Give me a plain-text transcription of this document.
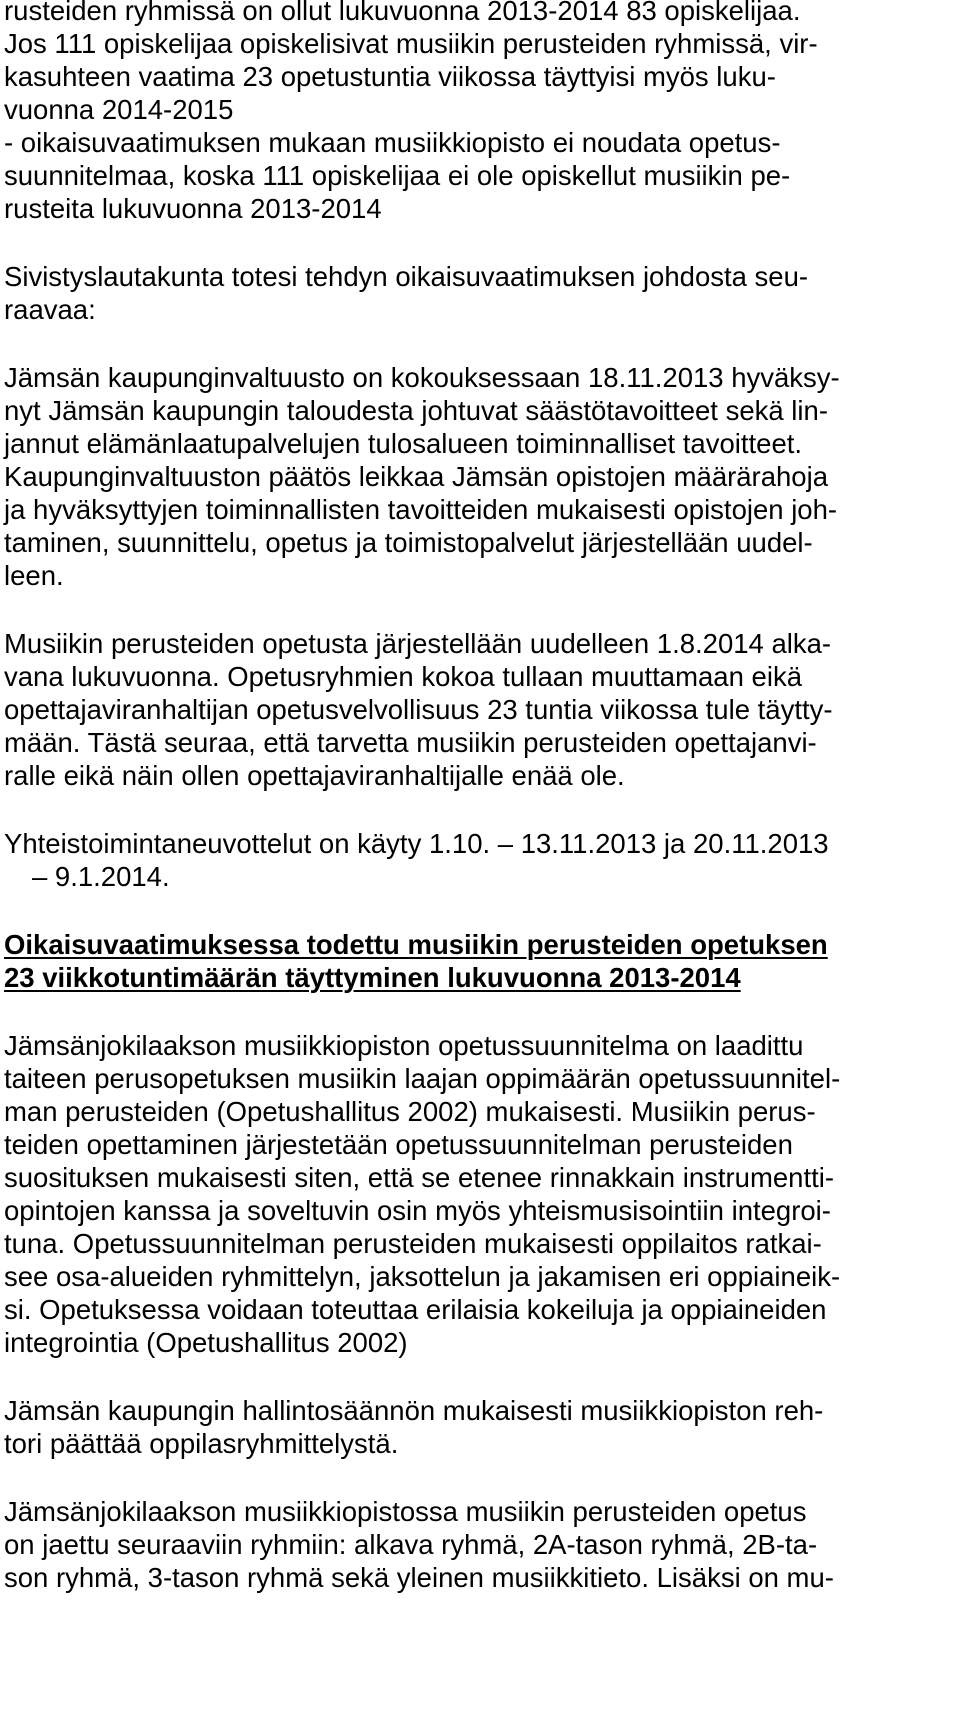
rusteiden ryhmissä on ollut lukuvuonna 2013-2014 83 opiskelijaa.
Jos 111 opiskelijaa opiskelisivat musiikin perusteiden ryhmissä, vir-
kasuhteen vaatima 23 opetustuntia viikossa täyttyisi myös luku-
vuonna 2014-2015
- oikaisuvaatimuksen mukaan musiikkiopisto ei noudata opetus-
suunnitelmaa, koska 111 opiskelijaa ei ole opiskellut musiikin pe-
rusteita lukuvuonna 2013-2014
Sivistyslautakunta totesi tehdyn oikaisuvaatimuksen johdosta seu-
raavaa:
Jämsän kaupunginvaltuusto on kokouksessaan 18.11.2013 hyväksy-
nyt Jämsän kaupungin taloudesta johtuvat säästötavoitteet sekä lin-
jannut elämänlaatupalvelujen tulosalueen toiminnalliset tavoitteet.
Kaupunginvaltuuston päätös leikkaa Jämsän opistojen määrärahoja
ja hyväksyttyjen toiminnallisten tavoitteiden mukaisesti opistojen joh-
taminen, suunnittelu, opetus ja toimistopalvelut järjestellään uudel-
leen.
Musiikin perusteiden opetusta järjestellään uudelleen 1.8.2014 alka-
vana lukuvuonna. Opetusryhmien kokoa tullaan muuttamaan eikä
opettajaviranhaltijan opetusvelvollisuus 23 tuntia viikossa tule täytty-
mään. Tästä seuraa, että tarvetta musiikin perusteiden opettajanvi-
ralle eikä näin ollen opettajaviranhaltijalle enää ole.
Yhteistoimintaneuvottelut on käyty 1.10. – 13.11.2013 ja 20.11.2013
– 9.1.2014.
Oikaisuvaatimuksessa todettu musiikin perusteiden opetuksen
23 viikkotuntimäärän täyttyminen lukuvuonna 2013-2014
Jämsänjokilaakson musiikkiopiston opetussuunnitelma on laadittu
taiteen perusopetuksen musiikin laajan oppimäärän opetussuunnitel-
man perusteiden (Opetushallitus 2002) mukaisesti. Musiikin perus-
teiden opettaminen järjestetään opetussuunnitelman perusteiden
suosituksen mukaisesti siten, että se etenee rinnakkain instrumentti-
opintojen kanssa ja soveltuvin osin myös yhteismusisointiin integroi-
tuna. Opetussuunnitelman perusteiden mukaisesti oppilaitos ratkai-
see osa-alueiden ryhmittelyn, jaksottelun ja jakamisen eri oppiaineik-
si. Opetuksessa voidaan toteuttaa erilaisia kokeiluja ja oppiaineiden
integrointia (Opetushallitus 2002)
Jämsän kaupungin hallintosäännön mukaisesti musiikkiopiston reh-
tori päättää oppilasryhmittelystä.
Jämsänjokilaakson musiikkiopistossa musiikin perusteiden opetus
on jaettu seuraaviin ryhmiin: alkava ryhmä, 2A-tason ryhmä, 2B-ta-
son ryhmä, 3-tason ryhmä sekä yleinen musiikkitieto. Lisäksi on mu-
